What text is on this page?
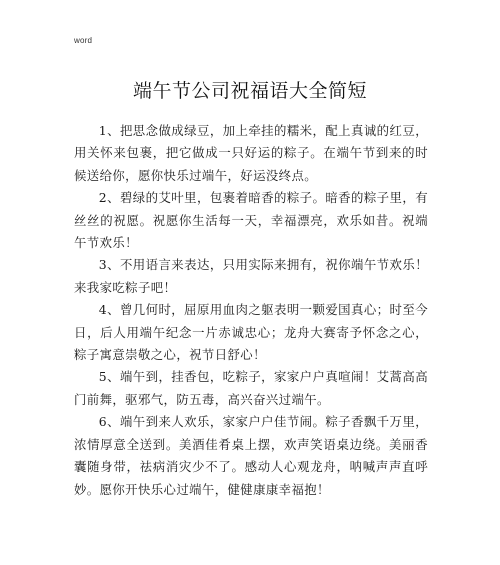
word
端午节公司祝福语大全简短

1、把思念做成绿豆，加上牵挂的糯米，配上真诚的红豆，用关怀来包裹，把它做成一只好运的粽子。在端午节到来的时候送给你，愿你快乐过端午，好运没终点。

2、碧绿的艾叶里，包裹着暗香的粽子。暗香的粽子里，有丝丝的祝愿。祝愿你生活每一天，幸福漂亮，欢乐如昔。祝端午节欢乐！

3、不用语言来表达，只用实际来拥有，祝你端午节欢乐！来我家吃粽子吧！

4、曾几何时，屈原用血肉之躯表明一颗爱国真心；时至今日，后人用端午纪念一片赤诚忠心；龙舟大赛寄予怀念之心，粽子寓意崇敬之心，祝节日舒心！

5、端午到，挂香包，吃粽子，家家户户真喧闹！艾蒿高高门前舞，驱邪气，防五毒，高兴奋兴过端午。

6、端午到来人欢乐，家家户户佳节闹。粽子香飘千万里，浓情厚意全送到。美酒佳肴桌上摆，欢声笑语桌边绕。美丽香囊随身带，祛病消灾少不了。感动人心观龙舟，呐喊声声直呼妙。愿你开快乐心过端午，健健康康幸福抱！
